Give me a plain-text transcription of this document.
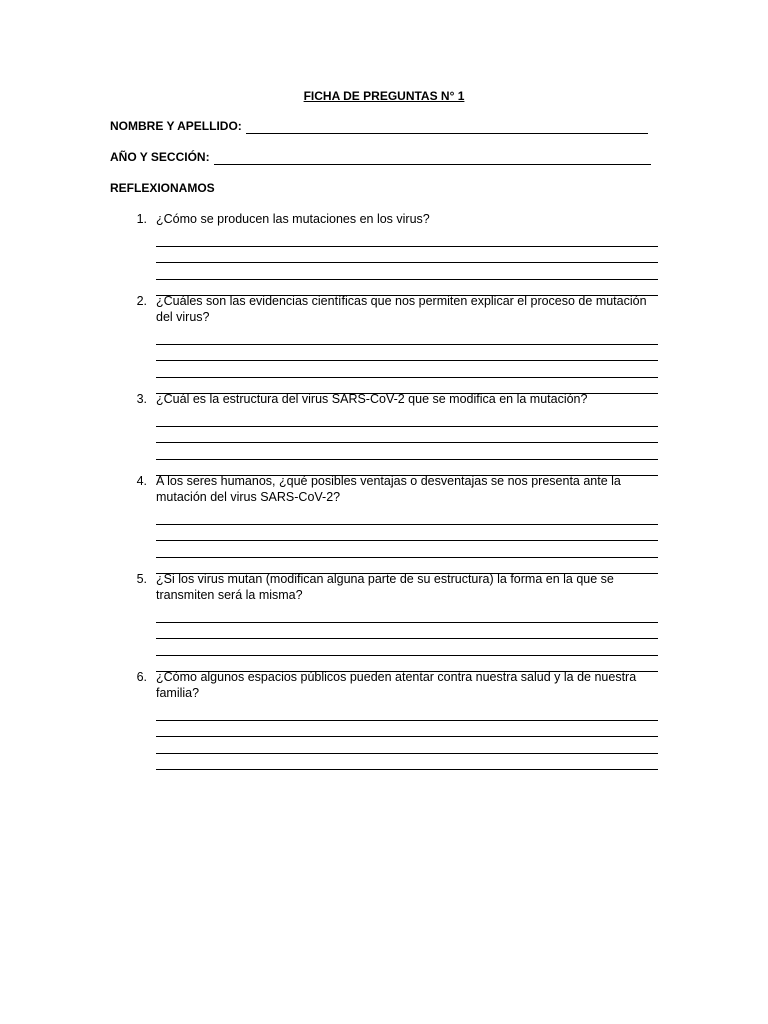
FICHA DE PREGUNTAS N° 1
NOMBRE Y APELLIDO:
AÑO Y SECCIÓN:
REFLEXIONAMOS
1. ¿Cómo se producen las mutaciones en los virus?
2. ¿Cuáles son las evidencias científicas que nos permiten explicar el proceso de mutación del virus?
3. ¿Cuál es la estructura del virus SARS-CoV-2 que se modifica en la mutación?
4. A los seres humanos, ¿qué posibles ventajas o desventajas se nos presenta ante la mutación del virus SARS-CoV-2?
5. ¿Si los virus mutan (modifican alguna parte de su estructura) la forma en la que se transmiten será la misma?
6. ¿Cómo algunos espacios públicos pueden atentar contra nuestra salud y la de nuestra familia?
